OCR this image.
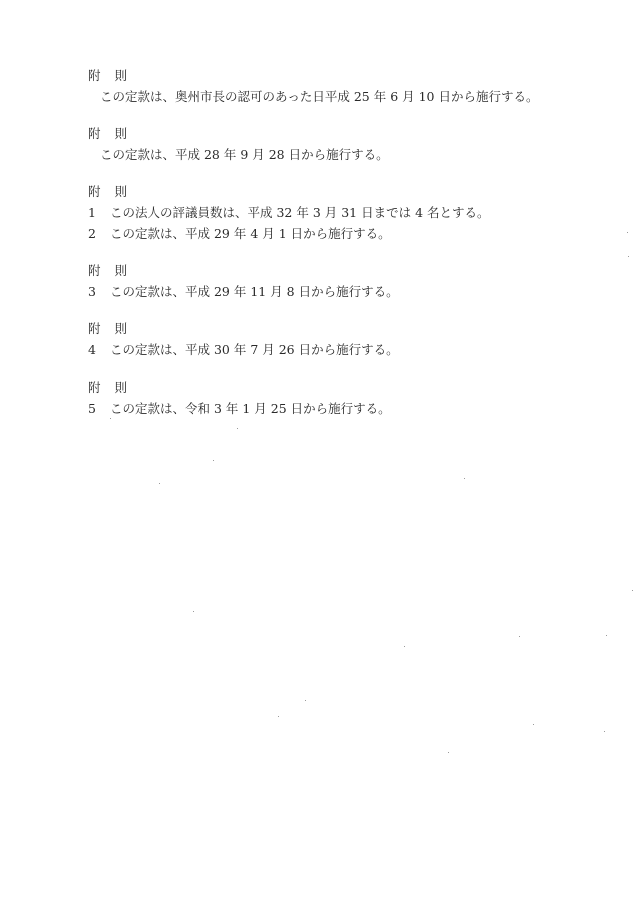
附 則
この定款は、奥州市長の認可のあった日平成 25 年 6 月 10 日から施行する。
附 則
この定款は、平成 28 年 9 月 28 日から施行する。
附 則
1 この法人の評議員数は、平成 32 年 3 月 31 日までは 4 名とする。
2 この定款は、平成 29 年 4 月 1 日から施行する。
附 則
3 この定款は、平成 29 年 11 月 8 日から施行する。
附 則
4 この定款は、平成 30 年 7 月 26 日から施行する。
附 則
5 この定款は、令和 3 年 1 月 25 日から施行する。
